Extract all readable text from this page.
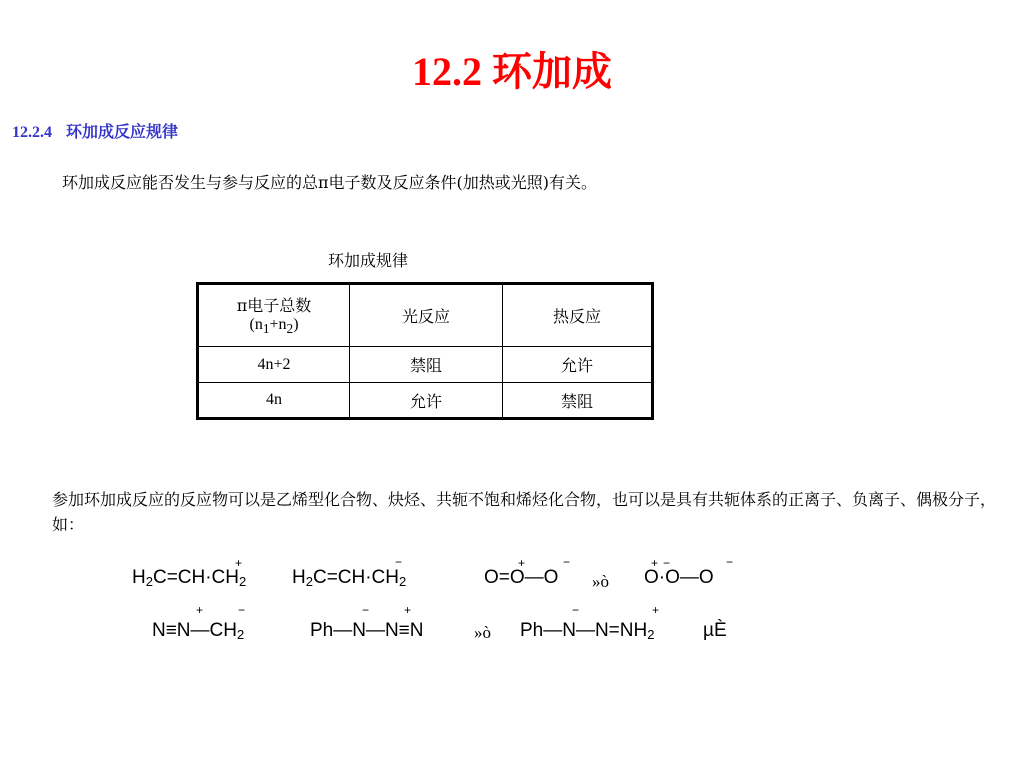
12.2 环加成
12.2.4 环加成反应规律
环加成反应能否发生与参与反应的总π电子数及反应条件(加热或光照)有关。
环加成规律
π电子总数
$(n_1+n_2)$	光反应	热反应
4n+2	禁阻	允许
4n	允许	禁阻
参加环加成反应的反应物可以是乙烯型化合物、炔烃、共轭不饱和烯烃化合物，也可以是具有共轭体系的正离子、负离子、偶极分子，如：
$H_2C=CH\cdot CH_2$
+
$H_2C=CH\cdot CH_2$
−
O=O—O
+	−
»ò O·O—O
+ −	−
$N\equiv N—CH_2$
+	−
Ph—N—N≡N
−	+
»ò $Ph—N—N=NH_2$
−	+
µÈ
